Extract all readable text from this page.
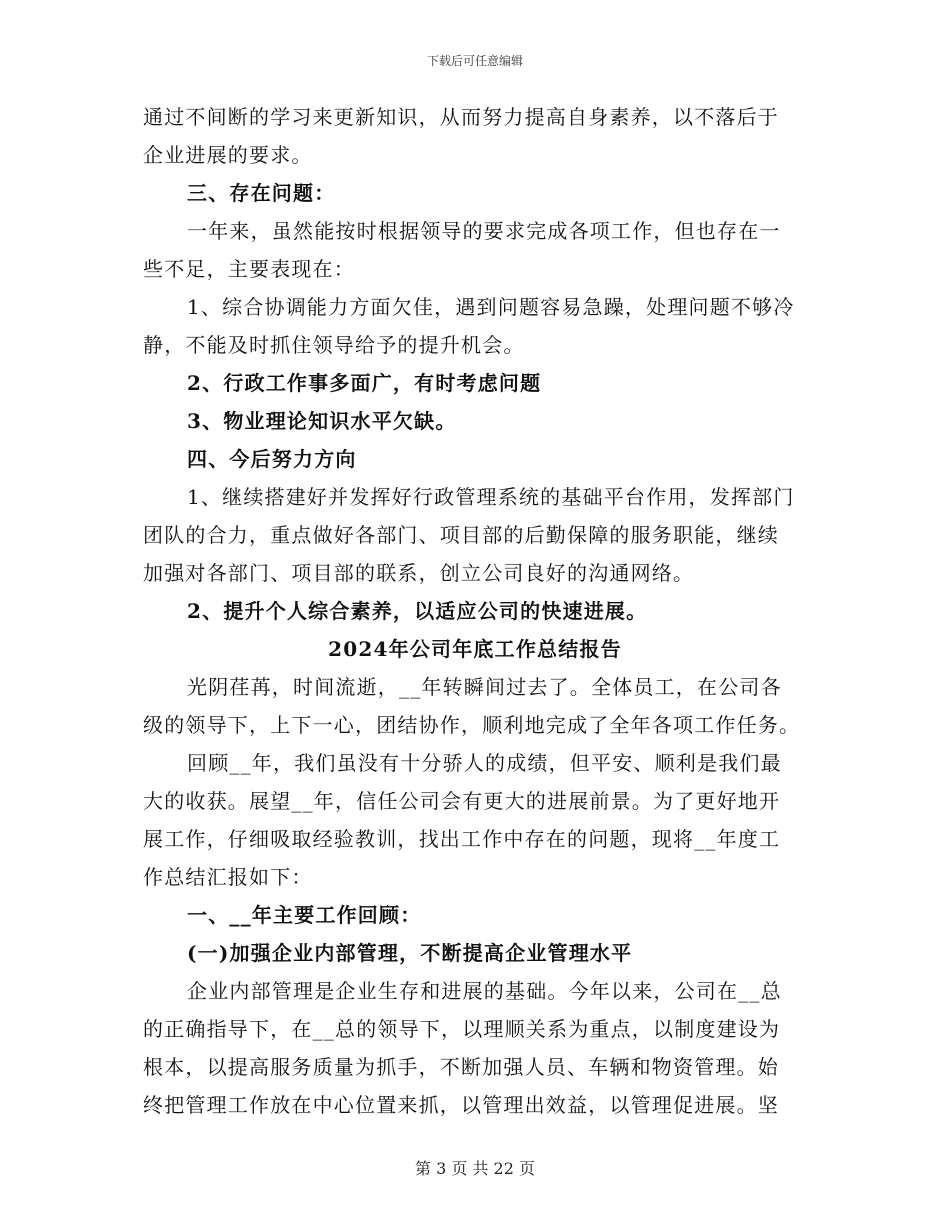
下载后可任意编辑

通过不间断的学习来更新知识，从而努力提高自身素养，以不落后于

企业进展的要求。

三、存在问题：

一年来，虽然能按时根据领导的要求完成各项工作，但也存在一

些不足，主要表现在：

1、综合协调能力方面欠佳，遇到问题容易急躁，处理问题不够冷

静，不能及时抓住领导给予的提升机会。

2、行政工作事多面广，有时考虑问题

3、物业理论知识水平欠缺。

四、今后努力方向

1、继续搭建好并发挥好行政管理系统的基础平台作用，发挥部门

团队的合力，重点做好各部门、项目部的后勤保障的服务职能，继续

加强对各部门、项目部的联系，创立公司良好的沟通网络。

2、提升个人综合素养，以适应公司的快速进展。

2024年公司年底工作总结报告

光阴荏苒，时间流逝，__年转瞬间过去了。全体员工，在公司各

级的领导下，上下一心，团结协作，顺利地完成了全年各项工作任务。

回顾__年，我们虽没有十分骄人的成绩，但平安、顺利是我们最

大的收获。展望__年，信任公司会有更大的进展前景。为了更好地开

展工作，仔细吸取经验教训，找出工作中存在的问题，现将__年度工

作总结汇报如下：

一、__年主要工作回顾：

(一)加强企业内部管理，不断提高企业管理水平

企业内部管理是企业生存和进展的基础。今年以来，公司在__总

的正确指导下，在__总的领导下，以理顺关系为重点，以制度建设为

根本，以提高服务质量为抓手，不断加强人员、车辆和物资管理。始

终把管理工作放在中心位置来抓，以管理出效益，以管理促进展。坚

第 3 页 共 22 页
